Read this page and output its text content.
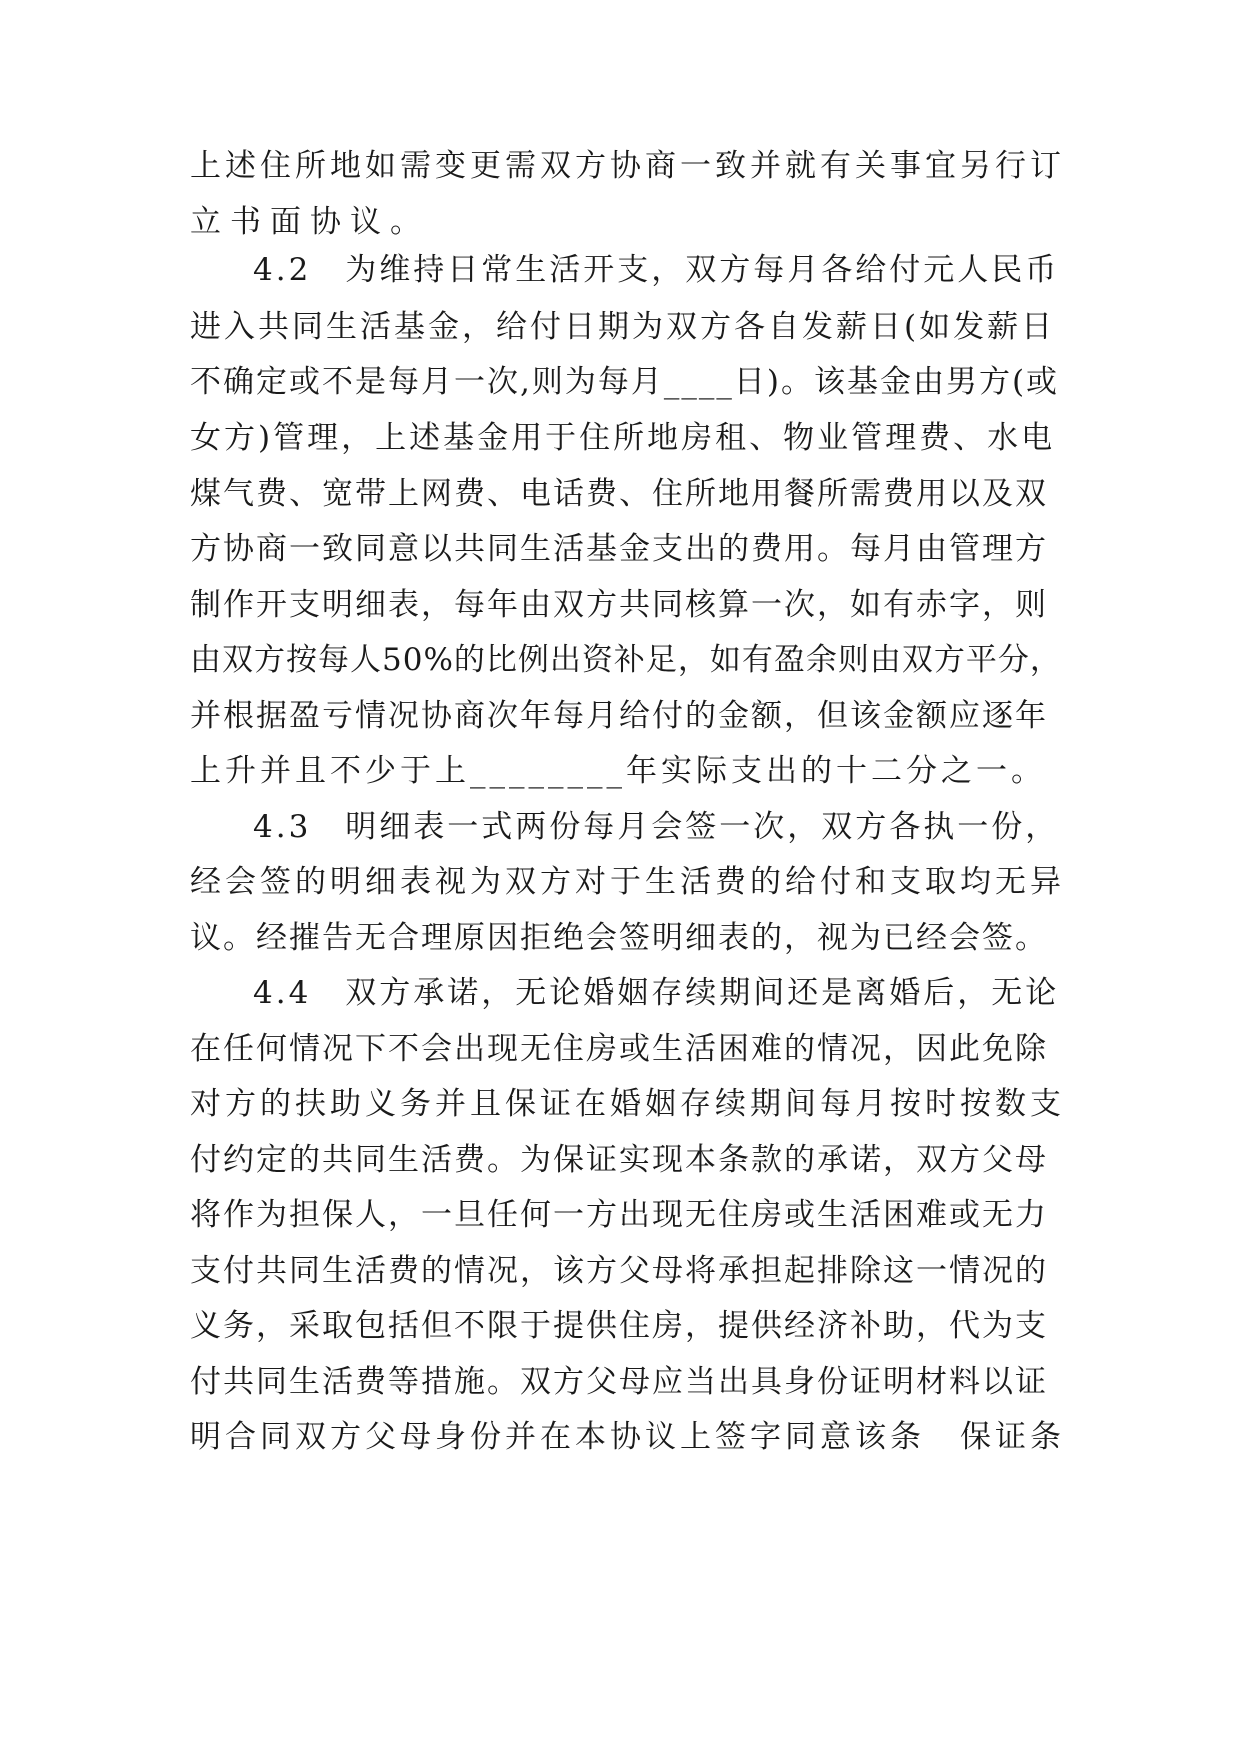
上述住所地如需变更需双方协商一致并就有关事宜另行订
立书面协议。
4.2　为维持日常生活开支，双方每月各给付元人民币
进入共同生活基金，给付日期为双方各自发薪日(如发薪日
不确定或不是每月一次,则为每月____日)。该基金由男方(或
女方)管理，上述基金用于住所地房租、物业管理费、水电
煤气费、宽带上网费、电话费、住所地用餐所需费用以及双
方协商一致同意以共同生活基金支出的费用。每月由管理方
制作开支明细表，每年由双方共同核算一次，如有赤字，则
由双方按每人50%的比例出资补足，如有盈余则由双方平分，
并根据盈亏情况协商次年每月给付的金额，但该金额应逐年
上升并且不少于上________年实际支出的十二分之一。
4.3　明细表一式两份每月会签一次，双方各执一份，
经会签的明细表视为双方对于生活费的给付和支取均无异
议。经摧告无合理原因拒绝会签明细表的，视为已经会签。
4.4　双方承诺，无论婚姻存续期间还是离婚后，无论
在任何情况下不会出现无住房或生活困难的情况，因此免除
对方的扶助义务并且保证在婚姻存续期间每月按时按数支
付约定的共同生活费。为保证实现本条款的承诺，双方父母
将作为担保人，一旦任何一方出现无住房或生活困难或无力
支付共同生活费的情况，该方父母将承担起排除这一情况的
义务，采取包括但不限于提供住房，提供经济补助，代为支
付共同生活费等措施。双方父母应当出具身份证明材料以证
明合同双方父母身份并在本协议上签字同意该条　保证条
